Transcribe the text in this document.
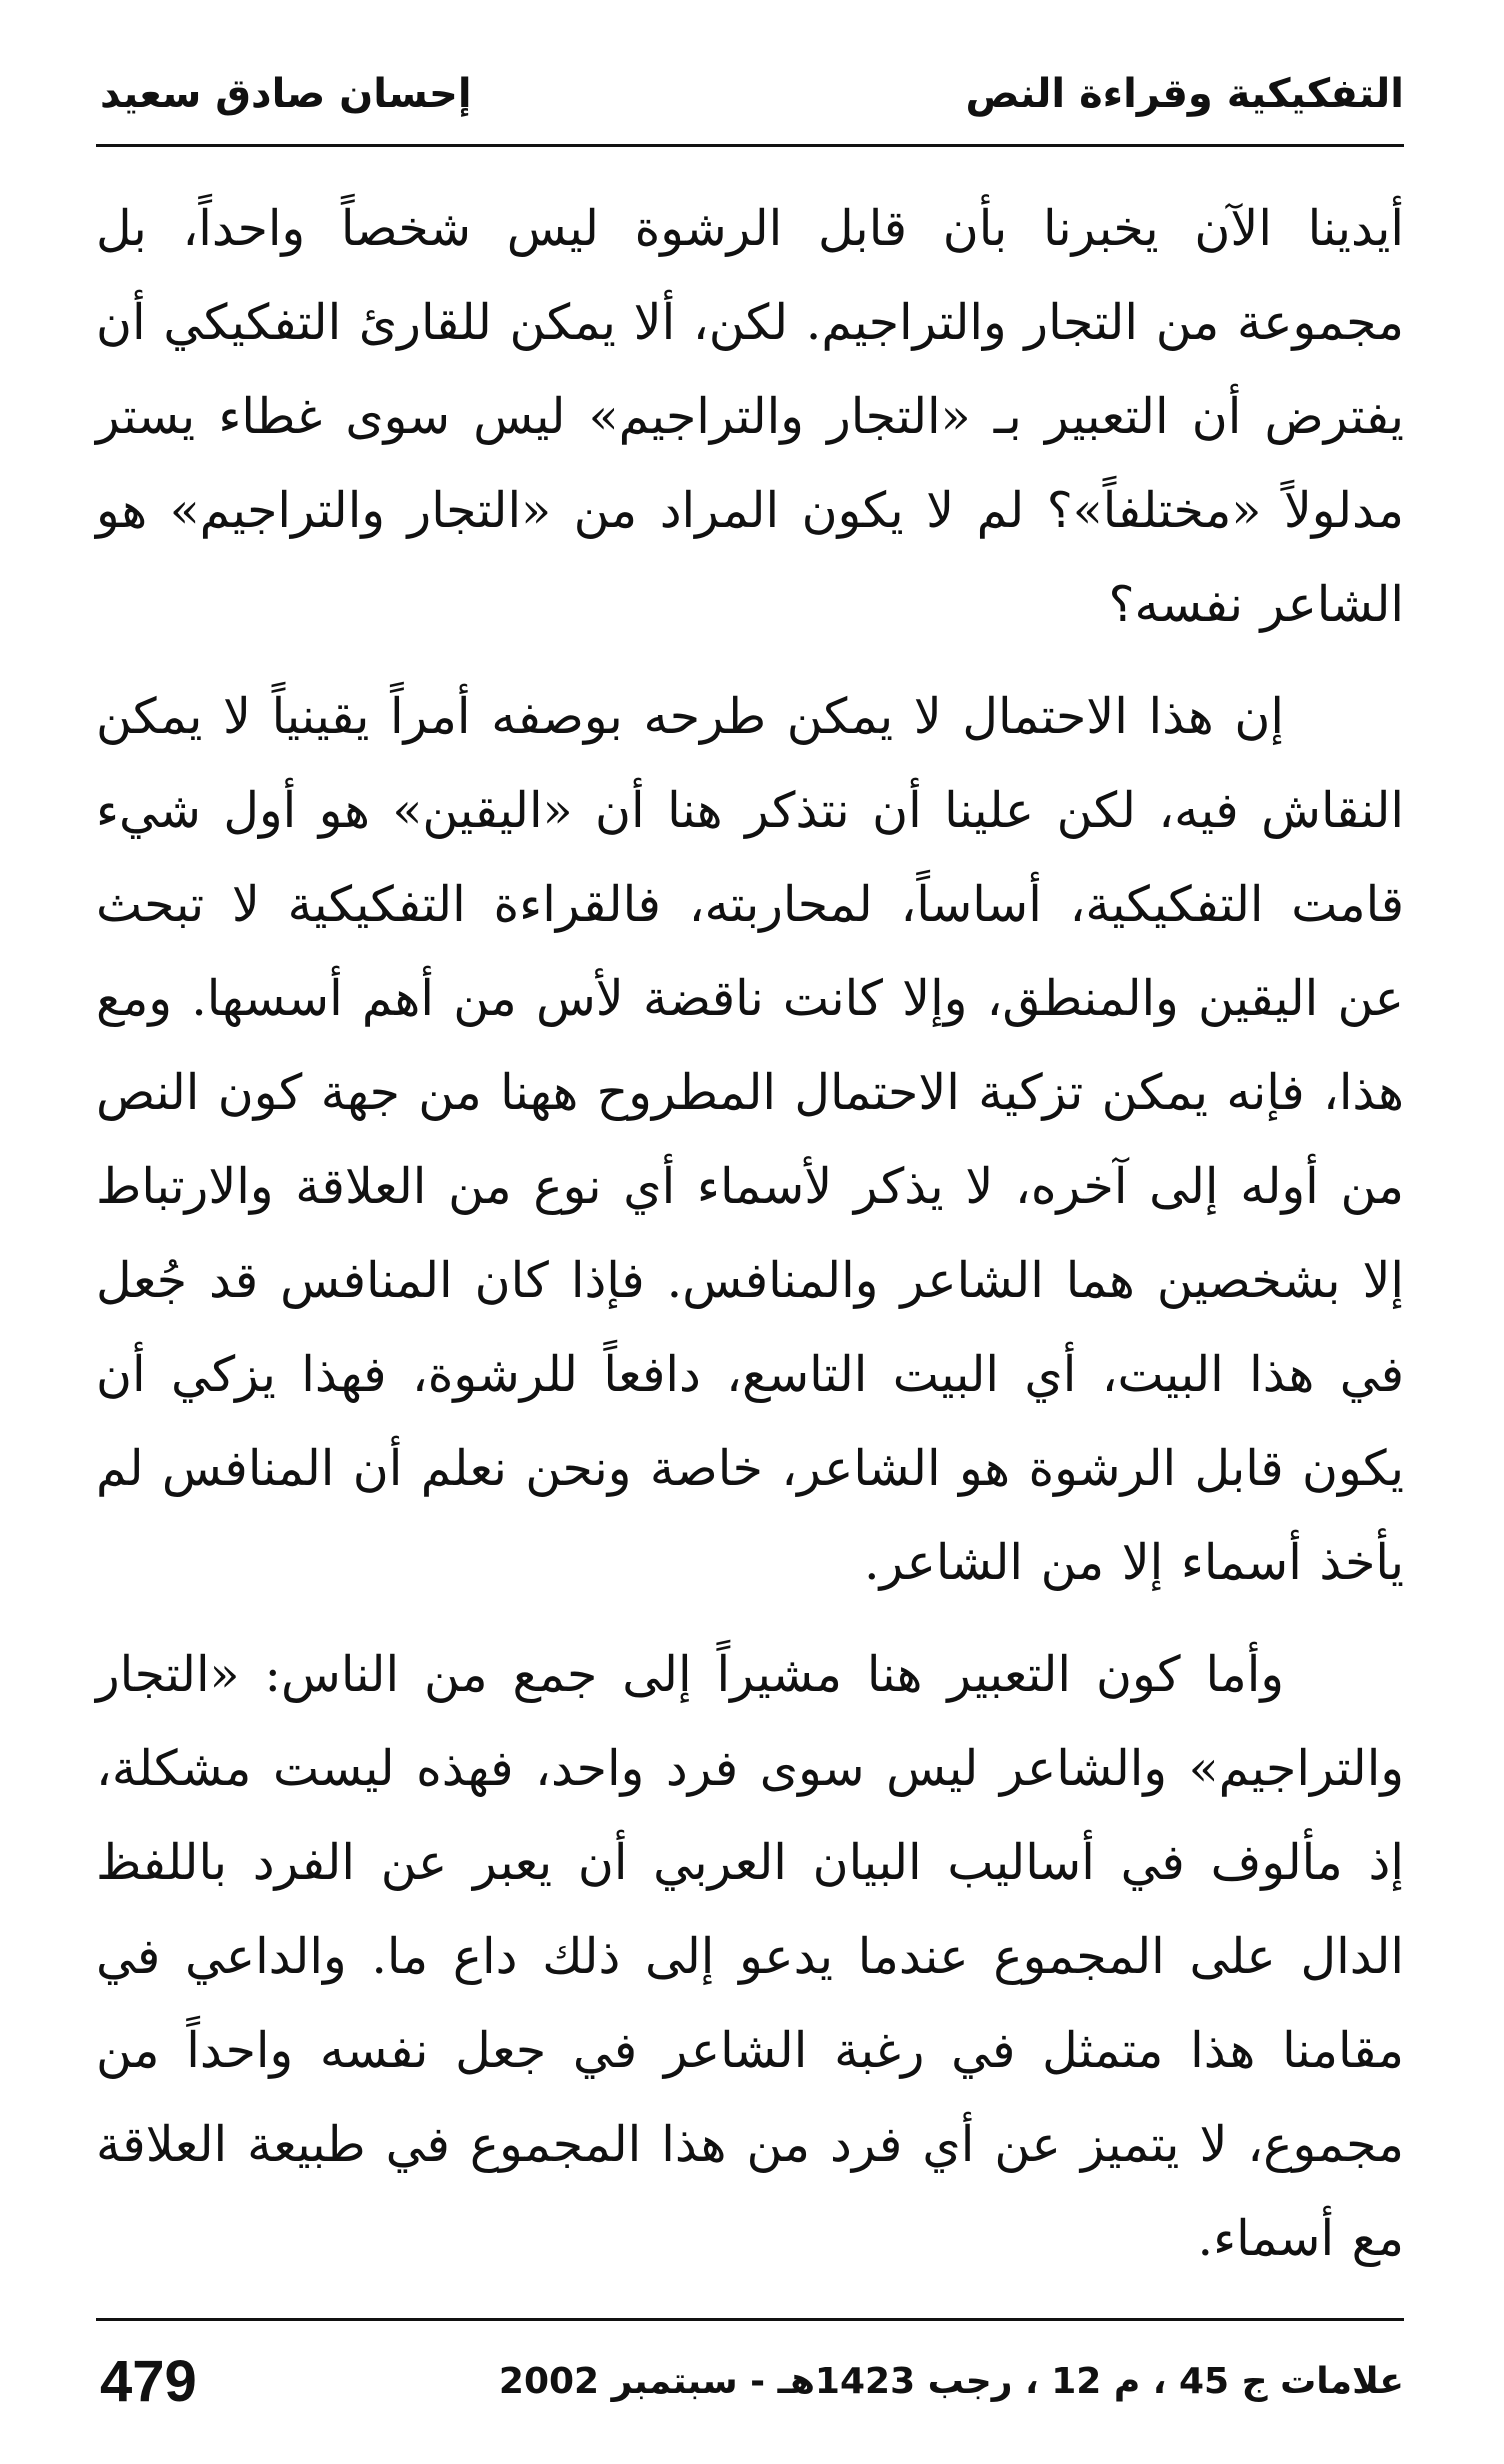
التفكيكية وقراءة النص
إحسان صادق سعيد

أيدينا الآن يخبرنا بأن قابل الرشوة ليس شخصاً واحداً، بل مجموعة من التجار والتراجيم. لكن، ألا يمكن للقارئ التفكيكي أن يفترض أن التعبير بـ «التجار والتراجيم» ليس سوى غطاء يستر مدلولاً «مختلفاً»؟ لم لا يكون المراد من «التجار والتراجيم» هو الشاعر نفسه؟

إن هذا الاحتمال لا يمكن طرحه بوصفه أمراً يقينياً لا يمكن النقاش فيه، لكن علينا أن نتذكر هنا أن «اليقين» هو أول شيء قامت التفكيكية، أساساً، لمحاربته، فالقراءة التفكيكية لا تبحث عن اليقين والمنطق، وإلا كانت ناقضة لأس من أهم أسسها. ومع هذا، فإنه يمكن تزكية الاحتمال المطروح ههنا من جهة كون النص من أوله إلى آخره، لا يذكر لأسماء أي نوع من العلاقة والارتباط إلا بشخصين هما الشاعر والمنافس. فإذا كان المنافس قد جُعل في هذا البيت، أي البيت التاسع، دافعاً للرشوة، فهذا يزكي أن يكون قابل الرشوة هو الشاعر، خاصة ونحن نعلم أن المنافس لم يأخذ أسماء إلا من الشاعر.

وأما كون التعبير هنا مشيراً إلى جمع من الناس: «التجار والتراجيم» والشاعر ليس سوى فرد واحد، فهذه ليست مشكلة، إذ مألوف في أساليب البيان العربي أن يعبر عن الفرد باللفظ الدال على المجموع عندما يدعو إلى ذلك داع ما. والداعي في مقامنا هذا متمثل في رغبة الشاعر في جعل نفسه واحداً من مجموع، لا يتميز عن أي فرد من هذا المجموع في طبيعة العلاقة مع أسماء.

علامات ج 45 ، م 12 ، رجب 1423هـ - سبتمبر 2002
479
